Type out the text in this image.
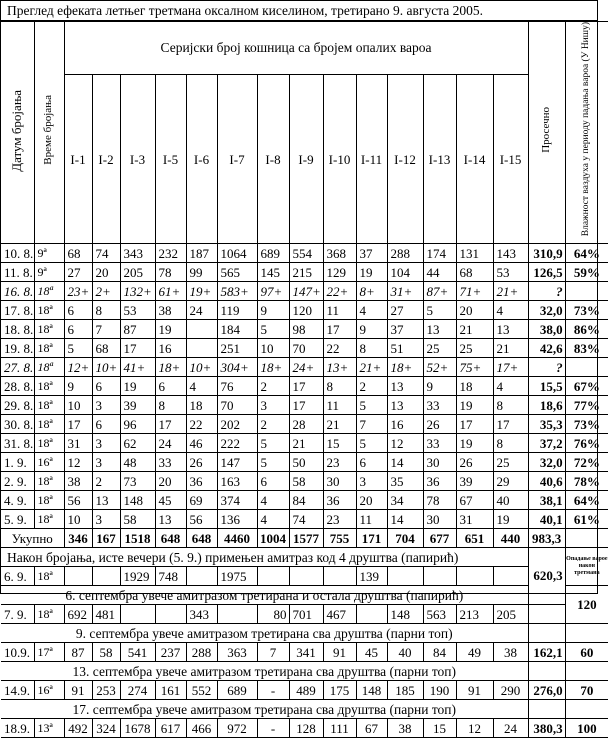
Преглед ефеката летњег третмана оксалном киселином, третирано 9. августа 2005.
Датум бројања	Време бројања	Серијски број кошница са бројем опалих вароа														Просечно	Влажност ваздуха у периоду падања вароа (У Нишу)
		I-1	I-2	I-3	I-5	I-6	I-7	I-8	I-9	I-10	I-11	I-12	I-13	I-14	I-15		
10. 8.	9ª	68	74	343	232	187	1064	689	554	368	37	288	174	131	143	310,9	64%
11. 8.	9ª	27	20	205	78	99	565	145	215	129	19	104	44	68	53	126,5	59%
16. 8.	18ª	23+	2+	132+	61+	19+	583+	97+	147+	22+	8+	31+	87+	71+	21+	?	
17. 8.	18ª	6	8	53	38	24	119	9	120	11	4	27	5	20	4	32,0	73%
18. 8.	18ª	6	7	87	19		184	5	98	17	9	37	13	21	13	38,0	86%
19. 8.	18ª	5	68	17	16		251	10	70	22	8	51	25	25	21	42,6	83%
27. 8.	18ª	12+	10+	41+	18+	10+	304+	18+	24+	13+	21+	18+	52+	75+	17+	?	
28. 8.	18ª	9	6	19	6	4	76	2	17	8	2	13	9	18	4	15,5	67%
29. 8.	18ª	10	3	39	8	18	70	3	17	11	5	13	33	19	8	18,6	77%
30. 8.	18ª	17	6	96	17	22	202	2	28	21	7	16	26	17	17	35,3	73%
31. 8.	18ª	31	3	62	24	46	222	5	21	15	5	12	33	19	8	37,2	76%
1. 9.	16ª	12	3	48	33	26	147	5	50	23	6	14	30	26	25	32,0	72%
2. 9.	18ª	38	2	73	20	36	163	6	58	30	3	35	36	39	29	40,6	78%
4. 9.	18ª	56	13	148	45	69	374	4	84	36	20	34	78	67	40	38,1	64%
5. 9.	18ª	10	3	58	13	56	136	4	74	23	11	14	30	31	19	40,1	61%
Укупно		346	167	1518	648	648	4460	1004	1577	755	171	704	677	651	440	983,3	
Након бројања, исте вечери (5. 9.) примењен амитраз код 4 друштва (папирић)																620,3	Опадање варое након третмана

6. 9.	18ª			1929	748		1975				139						
6. септембра увече амитразом третирана и остала друштва (папирић)																	120
7. 9.	18ª	692	481			343		80	701	467		148	563	213	205		
9. септембра увече амитразом третирана сва друштва (парни топ)																	
10.9.	17ª	87	58	541	237	288	363	7	341	91	45	40	84	49	38	162,1	60
13. септембра увече амитразом третирана сва друштва (парни топ)																	
14.9.	16ª	91	253	274	161	552	689	-	489	175	148	185	190	91	290	276,0	70
17. септембра увече амитразом третирана сва друштва (парни топ)																	
18.9.	13ª	492	324	1678	617	466	972	-	128	111	67	38	15	12	24	380,3	100
